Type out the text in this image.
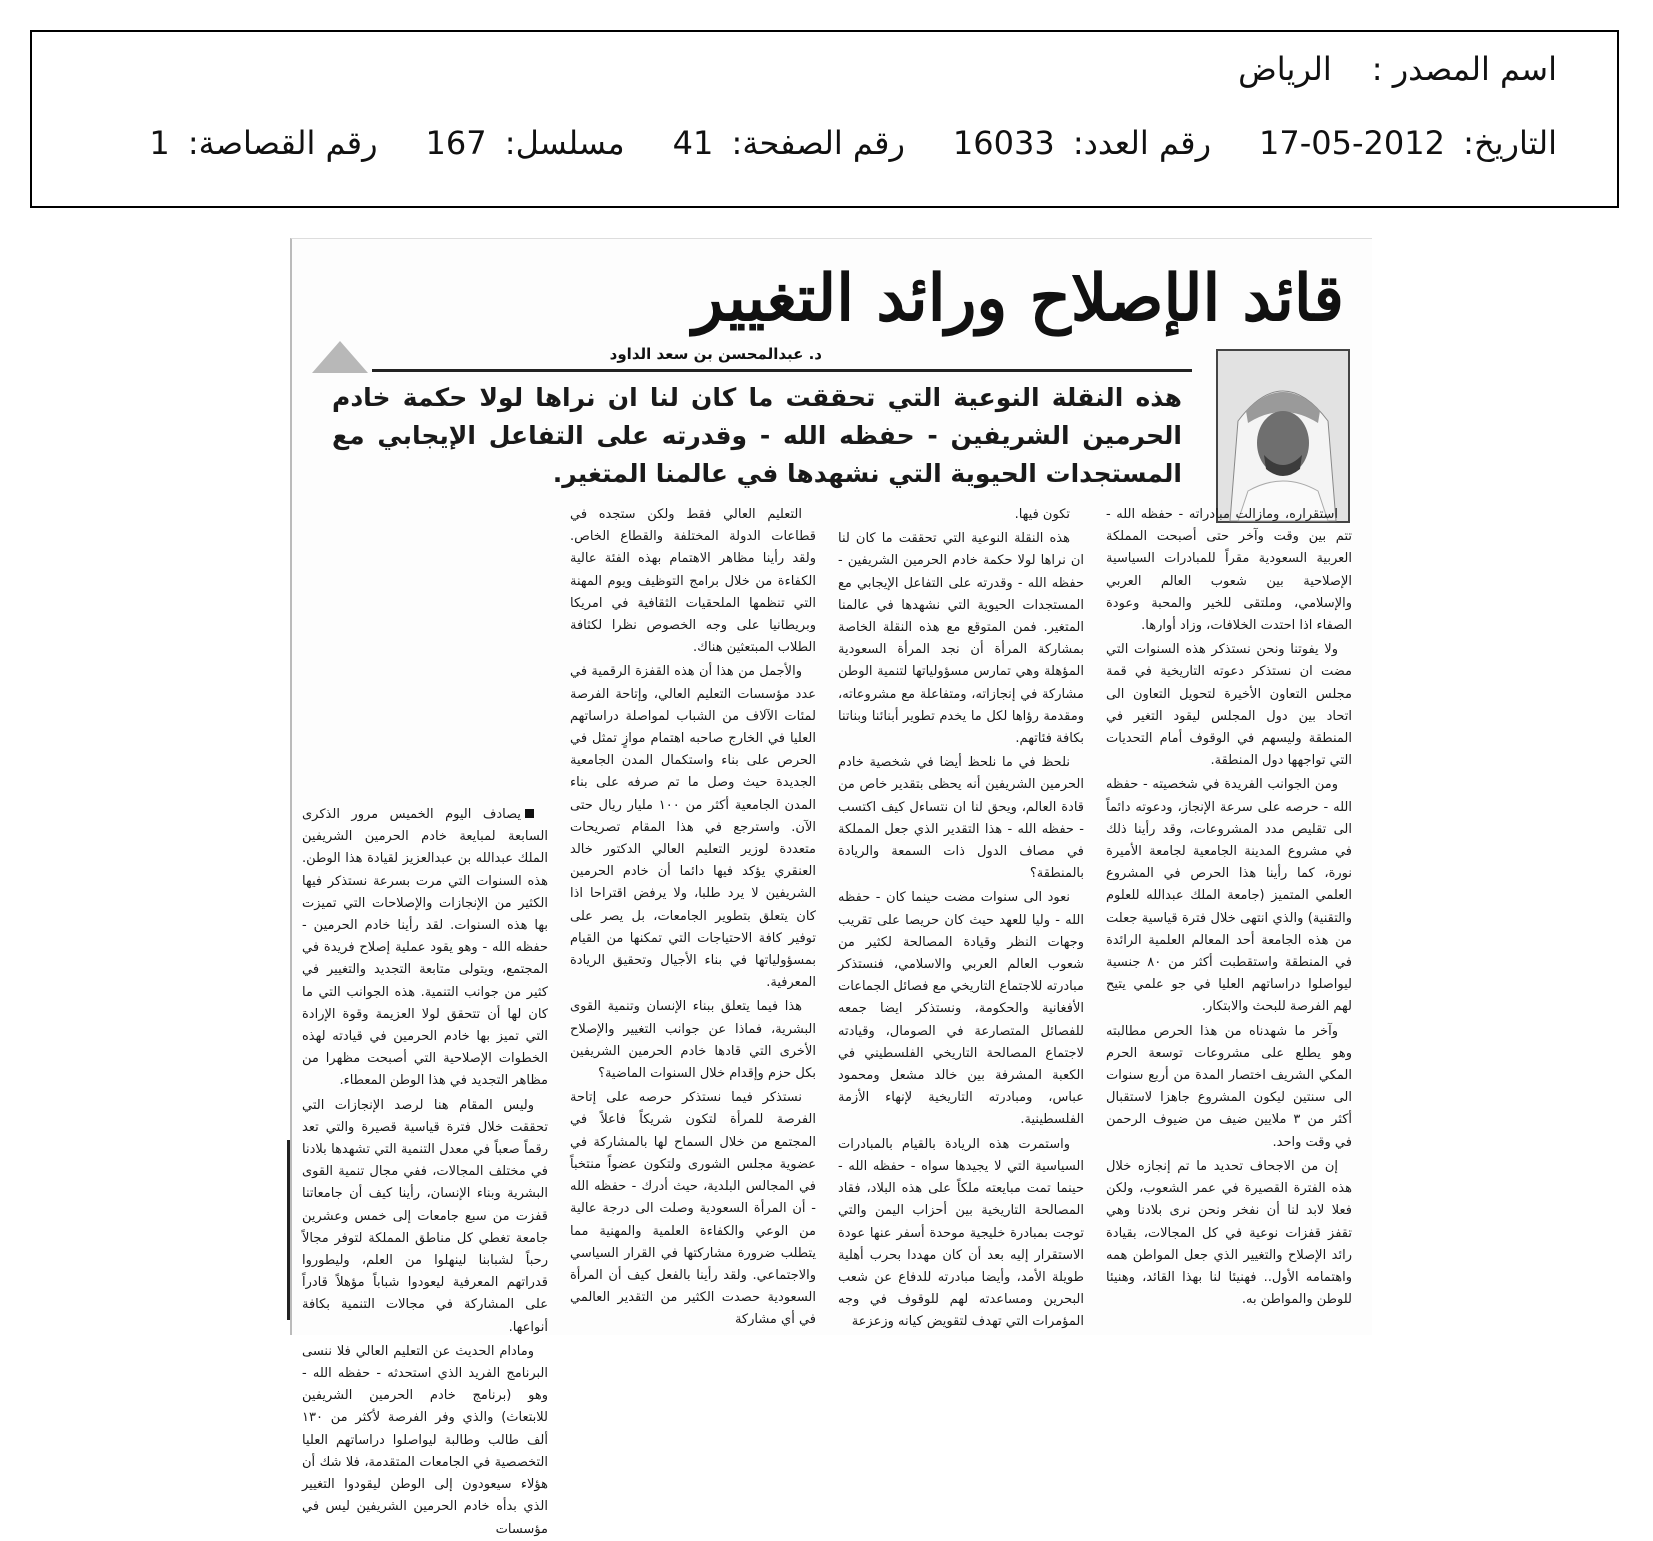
اسم المصدر :
الرياض
التاريخ: 2012-05-17
رقم العدد: 16033
رقم الصفحة: 41
مسلسل: 167
رقم القصاصة: 1
قائد الإصلاح ورائد التغيير
د. عبدالمحسن بن سعد الداود
هذه النقلة النوعية التي تحققت ما كان لنا ان نراها لولا حكمة خادم الحرمين الشريفين - حفظه الله - وقدرته على التفاعل الإيجابي مع المستجدات الحيوية التي نشهدها في عالمنا المتغير.

يصادف اليوم الخميس مرور الذكرى السابعة لمبايعة خادم الحرمين الشريفين الملك عبدالله بن عبدالعزيز لقيادة هذا الوطن. هذه السنوات التي مرت بسرعة نستذكر فيها الكثير من الإنجازات والإصلاحات التي تميزت بها هذه السنوات. لقد رأينا خادم الحرمين - حفظه الله - وهو يقود عملية إصلاح فريدة في المجتمع، ويتولى متابعة التجديد والتغيير في كثير من جوانب التنمية. هذه الجوانب التي ما كان لها أن تتحقق لولا العزيمة وقوة الإرادة التي تميز بها خادم الحرمين في قيادته لهذه الخطوات الإصلاحية التي أصبحت مظهرا من مظاهر التجديد في هذا الوطن المعطاء.

وليس المقام هنا لرصد الإنجازات التي تحققت خلال فترة قياسية قصيرة والتي تعد رقماً صعباً في معدل التنمية التي تشهدها بلادنا في مختلف المجالات، ففي مجال تنمية القوى البشرية وبناء الإنسان، رأينا كيف أن جامعاتنا قفزت من سبع جامعات إلى خمس وعشرين جامعة تغطي كل مناطق المملكة لتوفر مجالاً رحباً لشبابنا لينهلوا من العلم، وليطوروا قدراتهم المعرفية ليعودوا شباباً مؤهلاً قادراً على المشاركة في مجالات التنمية بكافة أنواعها.

ومادام الحديث عن التعليم العالي فلا ننسى البرنامج الفريد الذي استحدثه - حفظه الله - وهو (برنامج خادم الحرمين الشريفين للابتعاث) والذي وفر الفرصة لأكثر من ١٣٠ ألف طالب وطالبة ليواصلوا دراساتهم العليا التخصصية في الجامعات المتقدمة، فلا شك أن هؤلاء سيعودون إلى الوطن ليقودوا التغيير الذي بدأه خادم الحرمين الشريفين ليس في مؤسسات

التعليم العالي فقط ولكن ستجده في قطاعات الدولة المختلفة والقطاع الخاص. ولقد رأينا مظاهر الاهتمام بهذه الفئة عالية الكفاءة من خلال برامج التوظيف ويوم المهنة التي تنظمها الملحقيات الثقافية في امريكا وبريطانيا على وجه الخصوص نظرا لكثافة الطلاب المبتعثين هناك.

والأجمل من هذا أن هذه القفزة الرقمية في عدد مؤسسات التعليم العالي، وإتاحة الفرصة لمئات الآلاف من الشباب لمواصلة دراساتهم العليا في الخارج صاحبه اهتمام موازٍ تمثل في الحرص على بناء واستكمال المدن الجامعية الجديدة حيث وصل ما تم صرفه على بناء المدن الجامعية أكثر من ١٠٠ مليار ريال حتى الآن. واسترجع في هذا المقام تصريحات متعددة لوزير التعليم العالي الدكتور خالد العنقري يؤكد فيها دائما أن خادم الحرمين الشريفين لا يرد طلبا، ولا يرفض اقتراحا اذا كان يتعلق بتطوير الجامعات، بل يصر على توفير كافة الاحتياجات التي تمكنها من القيام بمسؤولياتها في بناء الأجيال وتحقيق الريادة المعرفية.

هذا فيما يتعلق ببناء الإنسان وتنمية القوى البشرية، فماذا عن جوانب التغيير والإصلاح الأخرى التي قادها خادم الحرمين الشريفين بكل حزم وإقدام خلال السنوات الماضية؟

نستذكر فيما نستذكر حرصه على إتاحة الفرصة للمرأة لتكون شريكاً فاعلاً في المجتمع من خلال السماح لها بالمشاركة في عضوية مجلس الشورى ولتكون عضواً منتخباً في المجالس البلدية، حيث أدرك - حفظه الله - أن المرأة السعودية وصلت الى درجة عالية من الوعي والكفاءة العلمية والمهنية مما يتطلب ضرورة مشاركتها في القرار السياسي والاجتماعي. ولقد رأينا بالفعل كيف أن المرأة السعودية حصدت الكثير من التقدير العالمي في أي مشاركة

تكون فيها.

هذه النقلة النوعية التي تحققت ما كان لنا ان نراها لولا حكمة خادم الحرمين الشريفين - حفظه الله - وقدرته على التفاعل الإيجابي مع المستجدات الحيوية التي نشهدها في عالمنا المتغير. فمن المتوقع مع هذه النقلة الخاصة بمشاركة المرأة أن نجد المرأة السعودية المؤهلة وهي تمارس مسؤولياتها لتنمية الوطن مشاركة في إنجازاته، ومتفاعلة مع مشروعاته، ومقدمة رؤاها لكل ما يخدم تطوير أبنائنا وبناتنا بكافة فئاتهم.

نلحظ في ما نلحظ أيضا في شخصية خادم الحرمين الشريفين أنه يحظى بتقدير خاص من قادة العالم، ويحق لنا ان نتساءل كيف اكتسب - حفظه الله - هذا التقدير الذي جعل المملكة في مصاف الدول ذات السمعة والريادة بالمنطقة؟

نعود الى سنوات مضت حينما كان - حفظه الله - وليا للعهد حيث كان حريصا على تقريب وجهات النظر وقيادة المصالحة لكثير من شعوب العالم العربي والاسلامي، فنستذكر مبادرته للاجتماع التاريخي مع فصائل الجماعات الأفغانية والحكومة، ونستذكر ايضا جمعه للفصائل المتصارعة في الصومال، وقيادته لاجتماع المصالحة التاريخي الفلسطيني في الكعبة المشرفة بين خالد مشعل ومحمود عباس، ومبادرته التاريخية لإنهاء الأزمة الفلسطينية.

واستمرت هذه الريادة بالقيام بالمبادرات السياسية التي لا يجيدها سواه - حفظه الله - حينما تمت مبايعته ملكاً على هذه البلاد، فقاد المصالحة التاريخية بين أحزاب اليمن والتي توجت بمبادرة خليجية موحدة أسفر عنها عودة الاستقرار إليه بعد أن كان مهددا بحرب أهلية طويلة الأمد، وأيضا مبادرته للدفاع عن شعب البحرين ومساعدته لهم للوقوف في وجه المؤمرات التي تهدف لتقويض كيانه وزعزعة

استقراره، ومازالت مبادراته - حفظه الله - تتم بين وقت وآخر حتى أصبحت المملكة العربية السعودية مقراً للمبادرات السياسية الإصلاحية بين شعوب العالم العربي والإسلامي، وملتقى للخير والمحبة وعودة الصفاء اذا احتدت الخلافات، وزاد أوارها.

ولا يفوتنا ونحن نستذكر هذه السنوات التي مضت ان نستذكر دعوته التاريخية في قمة مجلس التعاون الأخيرة لتحويل التعاون الى اتحاد بين دول المجلس ليقود التغير في المنطقة وليسهم في الوقوف أمام التحديات التي تواجهها دول المنطقة.

ومن الجوانب الفريدة في شخصيته - حفظه الله - حرصه على سرعة الإنجاز، ودعوته دائماً الى تقليص مدد المشروعات، وقد رأينا ذلك في مشروع المدينة الجامعية لجامعة الأميرة نورة، كما رأينا هذا الحرص في المشروع العلمي المتميز (جامعة الملك عبدالله للعلوم والتقنية) والذي انتهى خلال فترة قياسية جعلت من هذه الجامعة أحد المعالم العلمية الرائدة في المنطقة واستقطبت أكثر من ٨٠ جنسية ليواصلوا دراساتهم العليا في جو علمي يتيح لهم الفرصة للبحث والابتكار.

وآخر ما شهدناه من هذا الحرص مطالبته وهو يطلع على مشروعات توسعة الحرم المكي الشريف اختصار المدة من أربع سنوات الى سنتين ليكون المشروع جاهزا لاستقبال أكثر من ٣ ملايين ضيف من ضيوف الرحمن في وقت واحد.

إن من الاجحاف تحديد ما تم إنجازه خلال هذه الفترة القصيرة في عمر الشعوب، ولكن فعلا لابد لنا أن نفخر ونحن نرى بلادنا وهي تقفز قفزات نوعية في كل المجالات، بقيادة رائد الإصلاح والتغيير الذي جعل المواطن همه واهتمامه الأول.. فهنيئا لنا بهذا القائد، وهنيئا للوطن والمواطن به.
